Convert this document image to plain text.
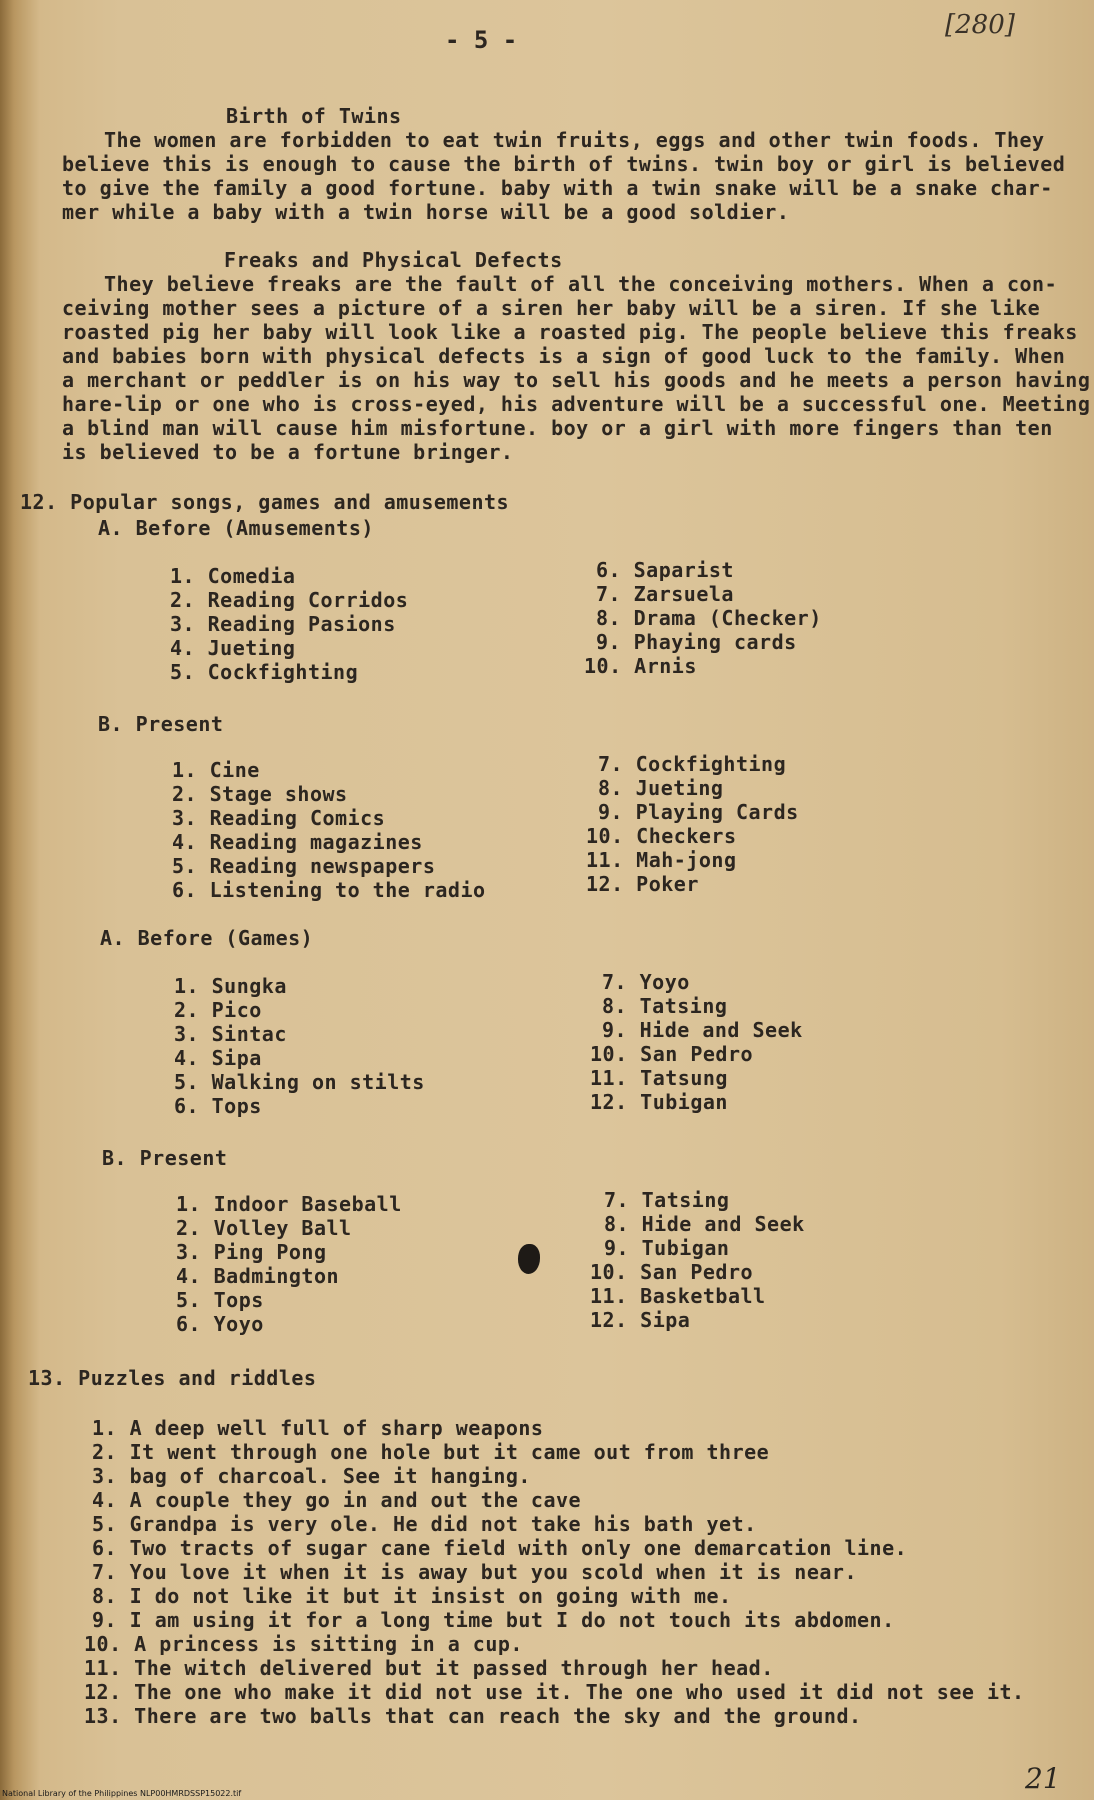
- 5 -	[280]
Birth of Twins
The women are forbidden to eat twin fruits, eggs and other twin foods. They
believe this is enough to cause the birth of twins. twin boy or girl is believed
to give the family a good fortune. baby with a twin snake will be a snake char-
mer while a baby with a twin horse will be a good soldier.
Freaks and Physical Defects
They believe freaks are the fault of all the conceiving mothers. When a con-
ceiving mother sees a picture of a siren her baby will be a siren. If she like
roasted pig her baby will look like a roasted pig. The people believe this freaks
and babies born with physical defects is a sign of good luck to the family. When
a merchant or peddler is on his way to sell his goods and he meets a person having
hare-lip or one who is cross-eyed, his adventure will be a successful one. Meeting
a blind man will cause him misfortune. boy or a girl with more fingers than ten
is believed to be a fortune bringer.
12. Popular songs, games and amusements
A. Before (Amusements)
1. Comedia
2. Reading Corridos
3. Reading Pasions
4. Jueting
5. Cockfighting
6. Saparist
7. Zarsuela
8. Drama (Checker)
9. Phaying cards
10. Arnis
B. Present
1. Cine
2. Stage shows
3. Reading Comics
4. Reading magazines
5. Reading newspapers
6. Listening to the radio
7. Cockfighting
8. Jueting
9. Playing Cards
10. Checkers
11. Mah-jong
12. Poker
A. Before (Games)
1. Sungka
2. Pico
3. Sintac
4. Sipa
5. Walking on stilts
6. Tops
7. Yoyo
8. Tatsing
9. Hide and Seek
10. San Pedro
11. Tatsung
12. Tubigan
B. Present
1. Indoor Baseball
2. Volley Ball
3. Ping Pong
4. Badmington
5. Tops
6. Yoyo
7. Tatsing
8. Hide and Seek
9. Tubigan
10. San Pedro
11. Basketball
12. Sipa
13. Puzzles and riddles
1. A deep well full of sharp weapons
2. It went through one hole but it came out from three
3. bag of charcoal. See it hanging.
4. A couple they go in and out the cave
5. Grandpa is very ole. He did not take his bath yet.
6. Two tracts of sugar cane field with only one demarcation line.
7. You love it when it is away but you scold when it is near.
8. I do not like it but it insist on going with me.
9. I am using it for a long time but I do not touch its abdomen.
10. A princess is sitting in a cup.
11. The witch delivered but it passed through her head.
12. The one who make it did not use it. The one who used it did not see it.
13. There are two balls that can reach the sky and the ground.
21
National Library of the Philippines NLP00HMRDSSP15022.tif
